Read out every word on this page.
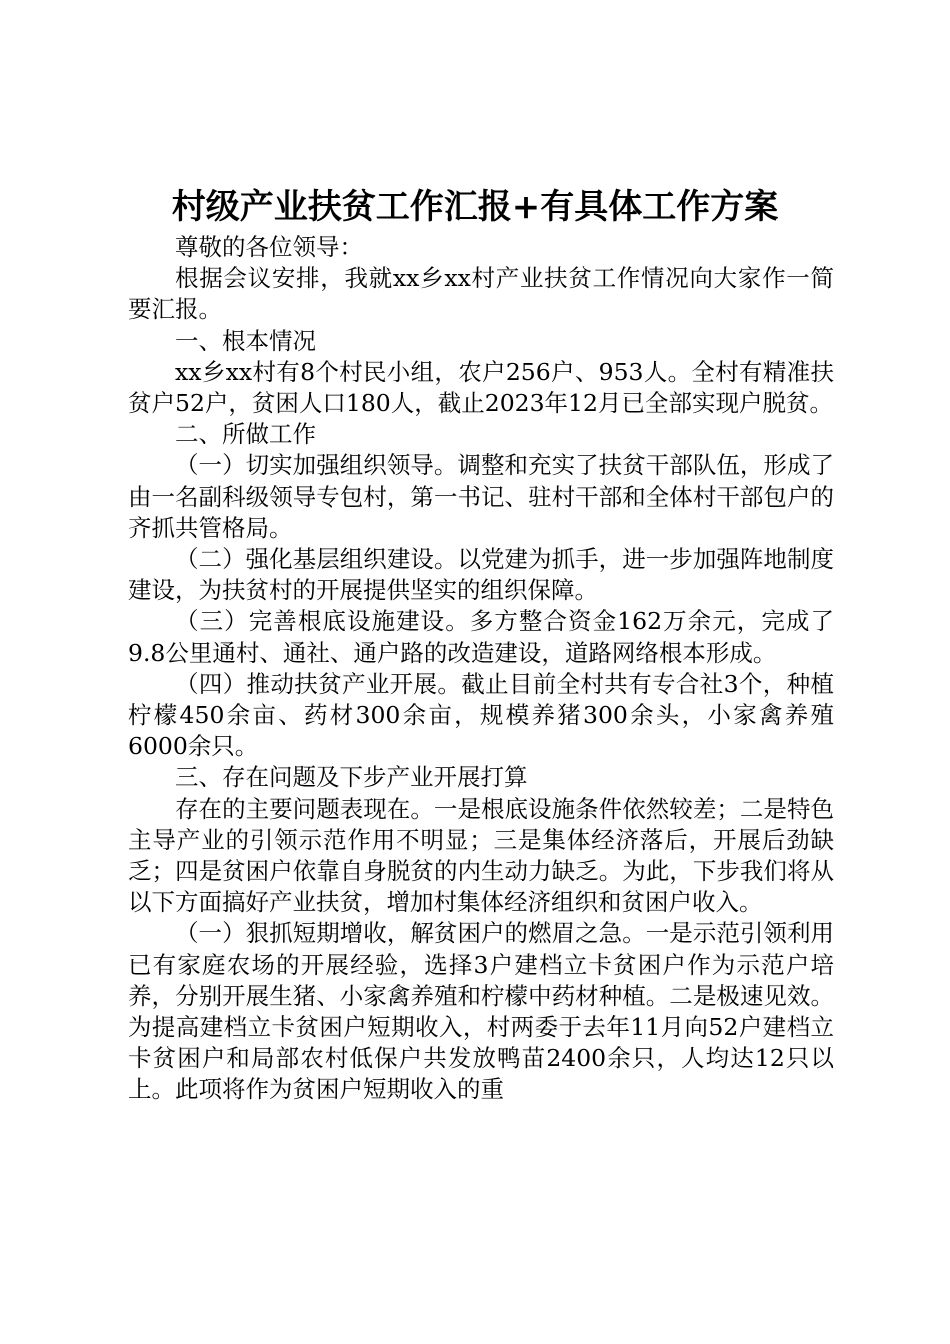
村级产业扶贫工作汇报+有具体工作方案

尊敬的各位领导：

根据会议安排，我就xx乡xx村产业扶贫工作情况向大家作一简要汇报。

一、根本情况

xx乡xx村有8个村民小组，农户256户、953人。全村有精准扶贫户52户，贫困人口180人，截止2023年12月已全部实现户脱贫。

二、所做工作

（一）切实加强组织领导。调整和充实了扶贫干部队伍，形成了由一名副科级领导专包村，第一书记、驻村干部和全体村干部包户的齐抓共管格局。

（二）强化基层组织建设。以党建为抓手，进一步加强阵地制度建设，为扶贫村的开展提供坚实的组织保障。

（三）完善根底设施建设。多方整合资金162万余元，完成了9.8公里通村、通社、通户路的改造建设，道路网络根本形成。

（四）推动扶贫产业开展。截止目前全村共有专合社3个，种植柠檬450余亩、药材300余亩，规模养猪300余头，小家禽养殖6000余只。

三、存在问题及下步产业开展打算

存在的主要问题表现在。一是根底设施条件依然较差；二是特色主导产业的引领示范作用不明显；三是集体经济落后，开展后劲缺乏；四是贫困户依靠自身脱贫的内生动力缺乏。为此，下步我们将从以下方面搞好产业扶贫，增加村集体经济组织和贫困户收入。

（一）狠抓短期增收，解贫困户的燃眉之急。一是示范引领利用已有家庭农场的开展经验，选择3户建档立卡贫困户作为示范户培养，分别开展生猪、小家禽养殖和柠檬中药材种植。二是极速见效。为提高建档立卡贫困户短期收入，村两委于去年11月向52户建档立卡贫困户和局部农村低保户共发放鸭苗2400余只，人均达12只以上。此项将作为贫困户短期收入的重
